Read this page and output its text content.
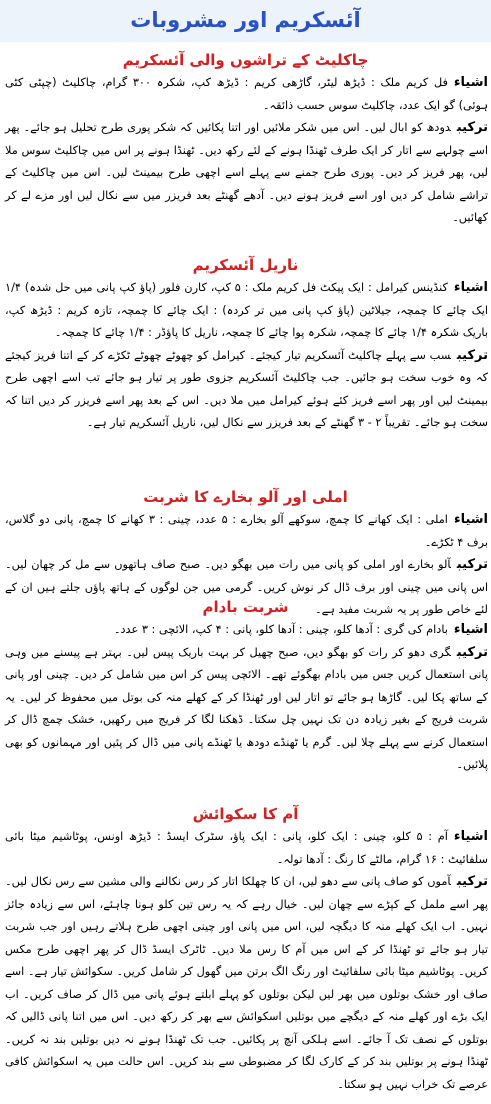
آئسکریم اور مشروبات
چاکلیٹ کے تراشوں والی آئسکریم

اشیاءفل کریم ملک : ڈیڑھ لیٹر، گاڑھی کریم : ڈیڑھ کپ، شکرہ ۳۰۰ گرام، چاکلیٹ (چپٹی کٹی ہوئی) گو ایک عدد، چاکلیٹ سوس حسب ذائقہ۔

ترکیبدودھ کو ابال لیں۔ اس میں شکر ملائیں اور اتنا پکائیں کہ شکر پوری طرح تحلیل ہو جائے۔ پھر اسے چولہے سے اتار کر ایک طرف ٹھنڈا ہونے کے لئے رکھ دیں۔ ٹھنڈا ہونے پر اس میں چاکلیٹ سوس ملا لیں، پھر فریز کر دیں۔ پوری طرح جمنے سے پہلے اسے اچھی طرح بیمینٹ لیں۔ اس میں چاکلیٹ کے تراشے شامل کر دیں اور اسے فریز ہونے دیں۔ آدھے گھنٹے بعد فریزر میں سے نکال لیں اور مزے لے کر کھائیں۔

ناریل آئسکریم

اشیاءکنڈینس کیرامل : ایک پیکٹ فل کریم ملک : ۵ کپ، کارن فلور (پاؤ کپ پانی میں حل شدہ) ۱/۴ ایک چائے کا چمچہ، جیلاٹین (پاؤ کپ پانی میں تر کردہ) : ایک چائے کا چمچہ، تازہ کریم : ڈیڑھ کپ، باریک شکرہ ۱/۴ چائے کا چمچہ، شکرہ پوا چائے کا چمچہ، ناریل کا پاؤڈر : ۱/۴ چائے کا چمچہ۔

ترکیبسب سے پہلے چاکلیٹ آئسکریم تیار کیجئے۔ کیرامل کو چھوٹے چھوٹے ٹکڑے کر کے اتنا فریز کیجئے کہ وہ خوب سخت ہو جائیں۔ جب چاکلیٹ آئسکریم جزوی طور پر تیار ہو جائے تب اسے اچھی طرح بیمینٹ لیں اور پھر اسے فریز کئے ہوئے کیرامل میں ملا دیں۔ اس کے بعد پھر اسے فریزر کر دیں اتنا کہ سخت ہو جائے۔ تقریباً ۲ - ۳ گھنٹے کے بعد فریزر سے نکال لیں، ناریل آئسکریم تیار ہے۔

املی اور آلو بخارے کا شربت

اشیاءاملی : ایک کھانے کا چمچ، سوکھے آلو بخارے : ۵ عدد، چینی : ۳ کھانے کا چمچ، پانی دو گلاس، برف ۴ ٹکڑے۔

ترکیبآلو بخارے اور املی کو پانی میں رات میں بھگو دیں۔ صبح صاف ہاتھوں سے مل کر چھان لیں۔ اس پانی میں چینی اور برف ڈال کر نوش کریں۔ گرمی میں جن لوگوں کے ہاتھ پاؤں جلتے ہیں ان کے لئے خاص طور پر یہ شربت مفید ہے۔

شربت بادام

اشیاءبادام کی گری : آدھا کلو، چینی : آدھا کلو، پانی : ۴ کپ، الائچی : ۳ عدد۔

ترکیبگری دھو کر رات کو بھگو دیں، صبح چھیل کر بہت باریک پیس لیں۔ بہتر ہے پیسنے میں وہی پانی استعمال کریں جس میں بادام بھگوئے تھے۔ الائچی پیس کر اس میں شامل کر دیں۔ چینی اور پانی کے ساتھ پکا لیں۔ گاڑھا ہو جائے تو اتار لیں اور ٹھنڈا کر کے کھلے منہ کی بوتل میں محفوظ کر لیں۔ یہ شربت فریج کے بغیر زیادہ دن تک نہیں چل سکتا۔ ڈھکنا لگا کر فریج میں رکھیں، خشک چمچ ڈال کر استعمال کرنے سے پہلے چلا لیں۔ گرم یا ٹھنڈے دودھ یا ٹھنڈے پانی میں ڈال کر پئیں اور مہمانوں کو بھی پلائیں۔

آم کا سکوائش

اشیاءآم : ۵ کلو، چینی : ایک کلو، پانی : ایک پاؤ، سٹرک ایسڈ : ڈیڑھ اونس، پوٹاشیم میٹا بائی سلفائیٹ : ۱۶ گرام، مالٹے کا رنگ : آدھا تولہ۔

ترکیبآموں کو صاف پانی سے دھو لیں، ان کا چھلکا اتار کر رس نکالنے والی مشین سے رس نکال لیں۔ پھر اسے ململ کے کپڑے سے چھان لیں۔ خیال رہے کہ یہ رس تین کلو ہونا چاہئے، اس سے زیادہ جائز نہیں۔ اب ایک کھلے منہ کا دیگچہ لیں، اس میں پانی اور چینی اچھی طرح ہلاتے رہیں اور جب شربت تیار ہو جائے تو ٹھنڈا کر کے اس میں آم کا رس ملا دیں۔ ٹاٹرک ایسڈ ڈال کر پھر اچھی طرح مکس کریں۔ پوٹاشیم میٹا بائی سلفائیٹ اور رنگ الگ برتن میں گھول کر شامل کریں۔ سکوائش تیار ہے۔ اسے صاف اور خشک بوتلوں میں بھر لیں لیکن بوتلوں کو پہلے ابلتے ہوئے پانی میں ڈال کر صاف کریں۔ اب ایک بڑے اور کھلے منہ کے دیگچے میں بوتلیں اسکوائش سے بھر کر رکھ دیں۔ اس میں اتنا پانی ڈالیں کہ بوتلوں کے نصف تک آ جائے۔ اسے ہلکی آنچ پر پکائیں۔ جب تک ٹھنڈا ہونے نہ دیں بوتلیں بند نہ کریں۔ ٹھنڈا ہونے پر بوتلیں بند کر کے کارک لگا کر مضبوطی سے بند کریں۔ اس حالت میں یہ اسکوائش کافی عرصے تک خراب نہیں ہو سکتا۔
